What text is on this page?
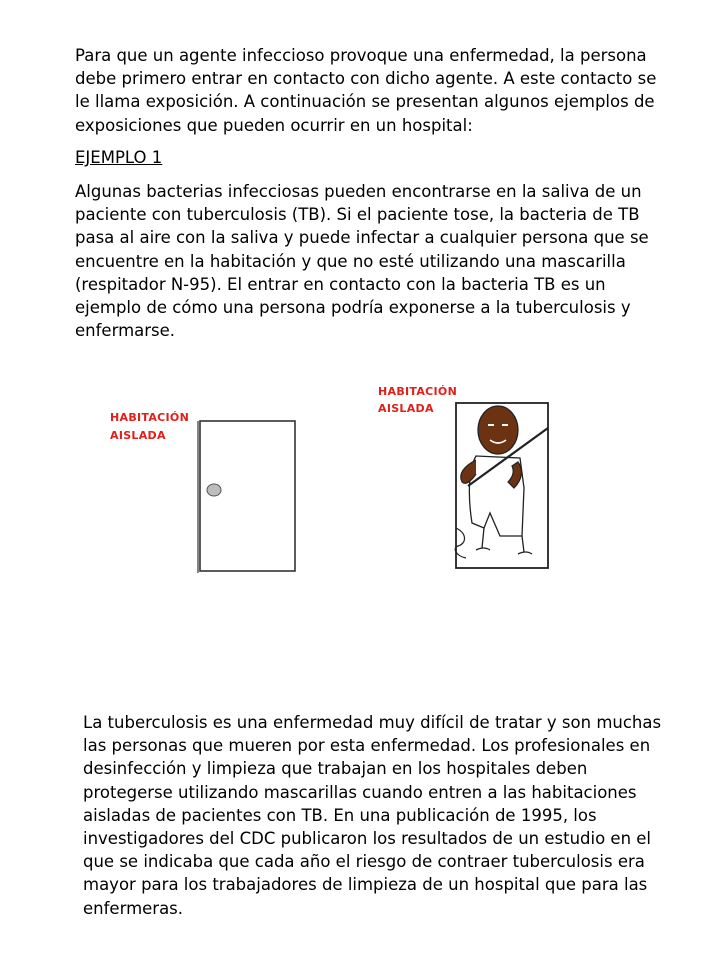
Para que un agente infeccioso provoque una enfermedad, la persona debe primero entrar en contacto con dicho agente. A este contacto se le llama exposición. A continuación se presentan algunos ejemplos de exposiciones que pueden ocurrir en un hospital:

EJEMPLO 1

Algunas bacterias infecciosas pueden encontrarse en la saliva de un paciente con tuberculosis (TB). Si el paciente tose, la bacteria de TB pasa al aire con la saliva y puede infectar a cualquier persona que se encuentre en la habitación y que no esté utilizando una mascarilla (respitador N-95). El entrar en contacto con la bacteria TB es un ejemplo de cómo una persona podría exponerse a la tuberculosis y enfermarse.

HABITACIÓN
AISLADA
HABITACIÓN
AISLADA

La tuberculosis es una enfermedad muy difícil de tratar y son muchas las personas que mueren por esta enfermedad. Los profesionales en desinfección y limpieza que trabajan en los hospitales deben protegerse utilizando mascarillas cuando entren a las habitaciones aisladas de pacientes con TB. En una publicación de 1995, los investigadores del CDC publicaron los resultados de un estudio en el que se indicaba que cada año el riesgo de contraer tuberculosis era mayor para los trabajadores de limpieza de un hospital que para las enfermeras.
